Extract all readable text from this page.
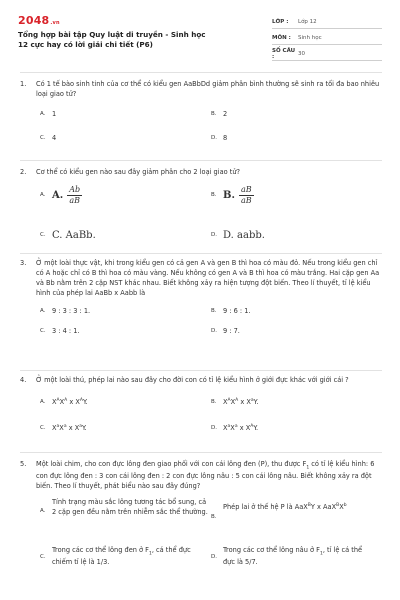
2048.vn
Tổng hợp bài tập Quy luật di truyền - Sinh học 12 cực hay có lời giải chi tiết (P6)
LỚP :	Lớp 12
MÔN :	Sinh học
SỐ CÂU :	30
1.	Có 1 tế bào sinh tinh của cơ thể có kiểu gen AaBbDd giảm phân bình thường sẽ sinh ra tối đa bao nhiêu loại giao tử?
A. 1	B. 2
C. 4	D. 8
2.	Cơ thể có kiểu gen nào sau đây giảm phân cho 2 loại giao tử?
A. A. $\frac{Ab}{aB}$	B. B. $\frac{aB}{aB}$
C. C. AaBb.	D. D. aabb.
3.	Ở một loài thực vật, khi trong kiểu gen có cả gen A và gen B thì hoa có màu đỏ. Nếu trong kiểu gen chỉ có A hoặc chỉ có B thì hoa có màu vàng. Nếu không có gen A và B thì hoa có màu trắng. Hai cặp gen Aa và Bb nằm trên 2 cặp NST khác nhau. Biết không xảy ra hiện tượng đột biến. Theo lí thuyết, tỉ lệ kiểu hình của phép lai AaBb x Aabb là
A. 9 : 3 : 3 : 1.	B. 9 : 6 : 1.
C. 3 : 4 : 1.	D. 9 : 7.
4.	Ở một loài thú, phép lai nào sau đây cho đời con có tỉ lệ kiểu hình ở giới đực khác với giới cái ?
A. $X^AX^A$ x $X^AY$.	B. $X^AX^A$ x $X^aY$.
C. $X^aX^a$ x $X^aY$.	D. $X^aX^a$ x $X^AY$.
5.	Một loài chim, cho con đực lông đen giao phối với con cái lông đen (P), thu được $F_1$ có tỉ lệ kiểu hình: 6 con đực lông đen : 3 con cái lông đen : 2 con đực lông nâu : 5 con cái lông nâu. Biết không xảy ra đột biến. Theo lí thuyết, phát biểu nào sau đây đúng?
A.
Tính trạng màu sắc lông tương tác bổ sung, cả 2 cặp gen đều nằm trên nhiễm sắc thể thường.
B.
Phép lai ở thế hệ P là AaX$^B$Y x $AaX^BX^b$
C.
Trong các cơ thể lông đen ở $F_1$, cá thể đực chiếm tỉ lệ là 1/3.
D.
Trong các cơ thể lông nâu ở $F_1$, tỉ lệ cá thể đực là 5/7.
